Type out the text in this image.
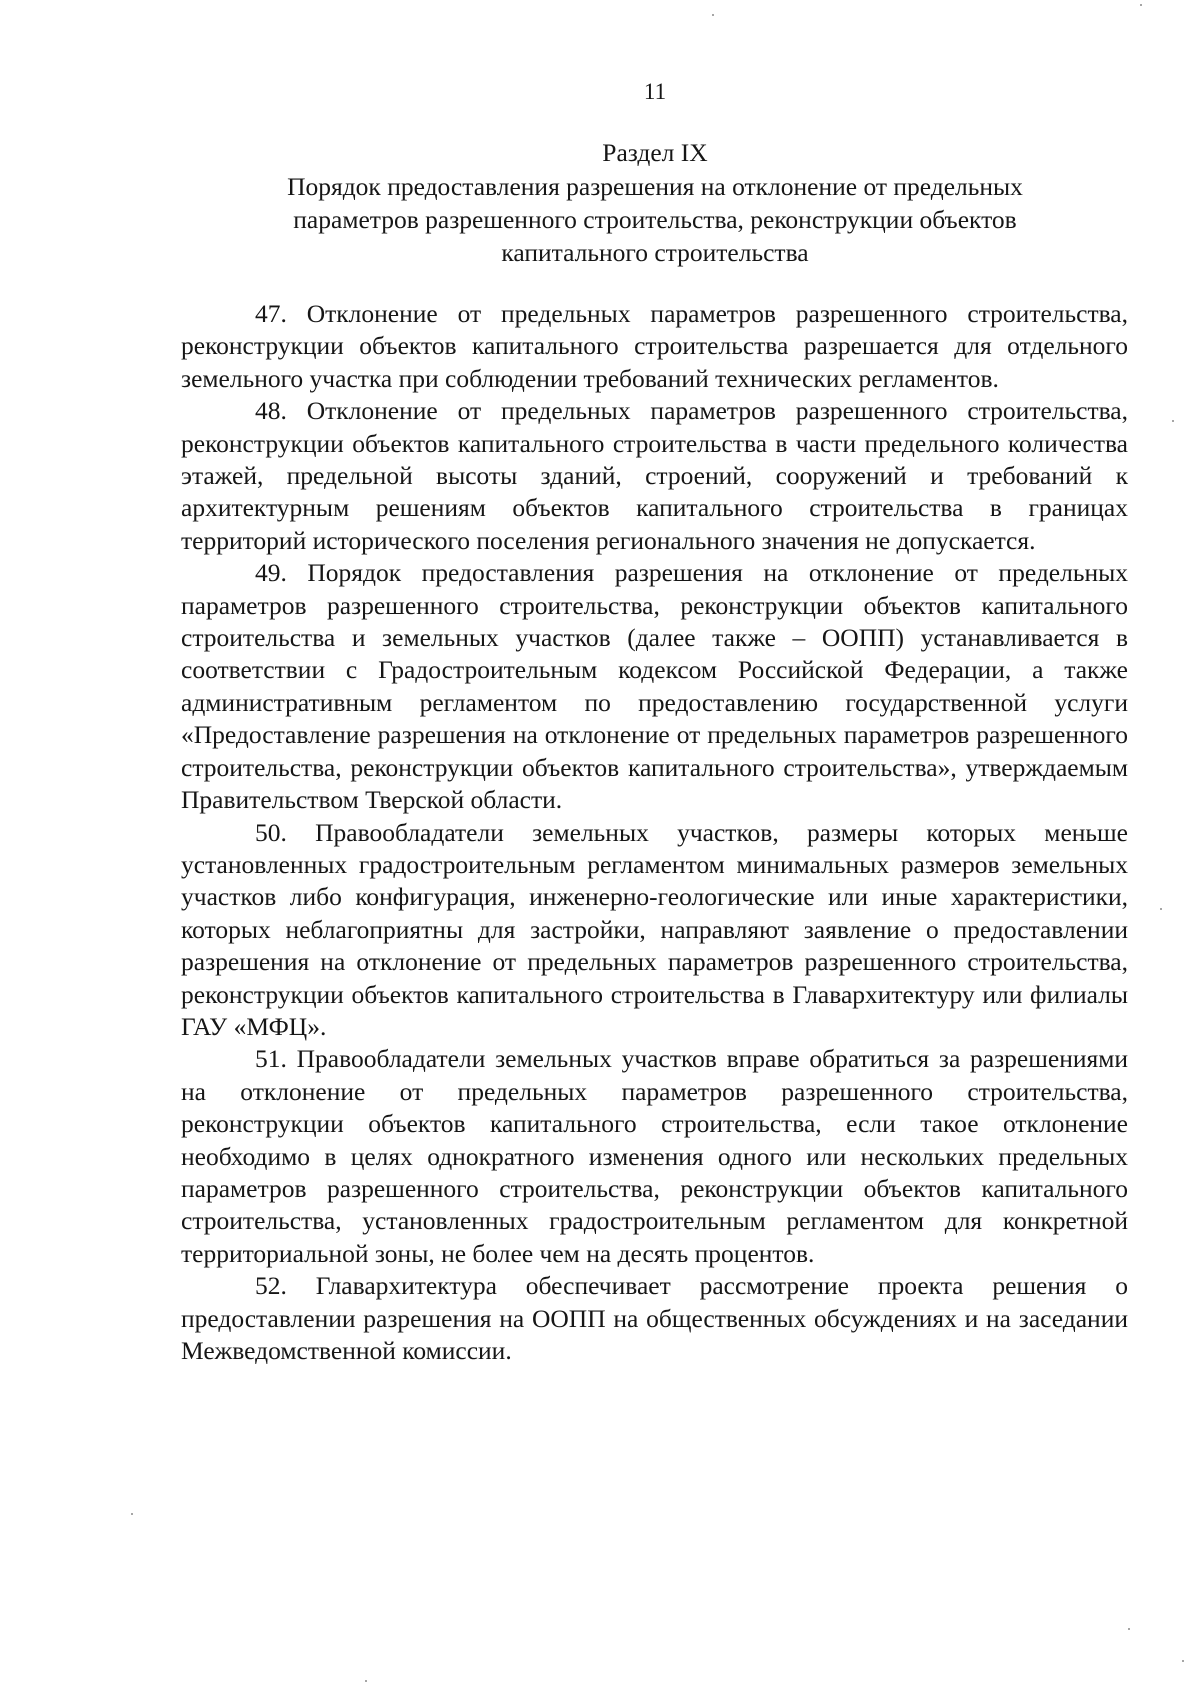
11
Раздел IX
Порядок предоставления разрешения на отклонение от предельных параметров разрешенного строительства, реконструкции объектов капитального строительства

47. Отклонение от предельных параметров разрешенного строительства, реконструкции объектов капитального строительства разрешается для отдельного земельного участка при соблюдении требований технических регламентов.

48. Отклонение от предельных параметров разрешенного строительства, реконструкции объектов капитального строительства в части предельного количества этажей, предельной высоты зданий, строений, сооружений и требований к архитектурным решениям объектов капитального строительства в границах территорий исторического поселения регионального значения не допускается.

49. Порядок предоставления разрешения на отклонение от предельных параметров разрешенного строительства, реконструкции объектов капитального строительства и земельных участков (далее также – ООПП) устанавливается в соответствии с Градостроительным кодексом Российской Федерации, а также административным регламентом по предоставлению государственной услуги «Предоставление разрешения на отклонение от предельных параметров разрешенного строительства, реконструкции объектов капитального строительства», утверждаемым Правительством Тверской области.

50. Правообладатели земельных участков, размеры которых меньше установленных градостроительным регламентом минимальных размеров земельных участков либо конфигурация, инженерно-геологические или иные характеристики, которых неблагоприятны для застройки, направляют заявление о предоставлении разрешения на отклонение от предельных параметров разрешенного строительства, реконструкции объектов капитального строительства в Главархитектуру или филиалы ГАУ «МФЦ».

51. Правообладатели земельных участков вправе обратиться за разрешениями на отклонение от предельных параметров разрешенного строительства, реконструкции объектов капитального строительства, если такое отклонение необходимо в целях однократного изменения одного или нескольких предельных параметров разрешенного строительства, реконструкции объектов капитального строительства, установленных градостроительным регламентом для конкретной территориальной зоны, не более чем на десять процентов.

52. Главархитектура обеспечивает рассмотрение проекта решения о предоставлении разрешения на ООПП на общественных обсуждениях и на заседании Межведомственной комиссии.
